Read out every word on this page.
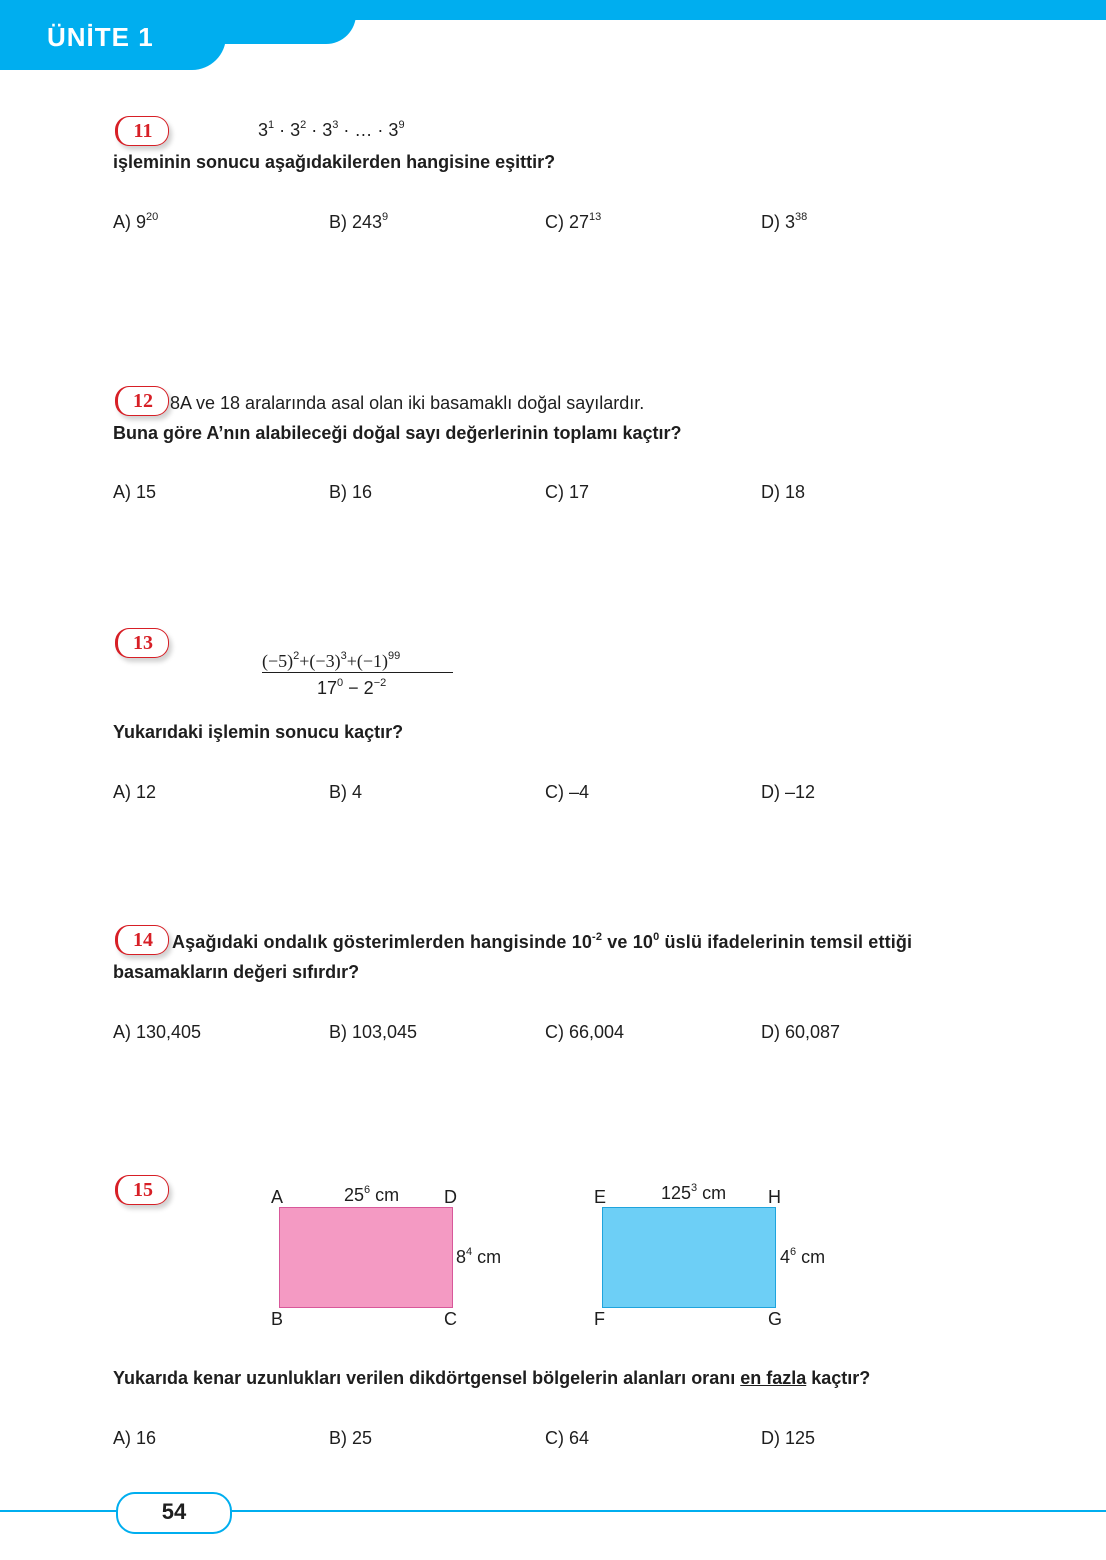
ÜNİTE 1
11	$3^1 \cdot 3^2 \cdot 3^3$ · … · $3^9$
işleminin sonucu aşağıdakilerden hangisine eşittir?
A) $9^{20}$	B) $243^9$	C) $27^{13}$	D) $3^{38}$
12 8A ve 18 aralarında asal olan iki basamaklı doğal sayılardır.
Buna göre A’nın alabileceği doğal sayı değerlerinin toplamı kaçtır?
A) 15	B) 16	C) 17	D) 18
13
$(-5)^2+(-3)^3+(-1)^{99}$
$17^0 - 2^{-2}$
Yukarıdaki işlemin sonucu kaçtır?
A) 12	B) 4	C) –4	D) –12
14	Aşağıdaki ondalık gösterimlerden hangisinde $10^{-2}$ ve $10^0$ üslü ifadelerinin temsil ettiği
basamakların değeri sıfırdır?
A) 130,405	B) 103,045	C) 66,004	D) 60,087
15	A	D
B	C
$25^6$ cm
$8^4$ cm
E	H
F	G
$125^3$ cm
$4^6$ cm
Yukarıda kenar uzunlukları verilen dikdörtgensel bölgelerin alanları oranı en fazla kaçtır?
A) 16	B) 25	C) 64	D) 125
54
